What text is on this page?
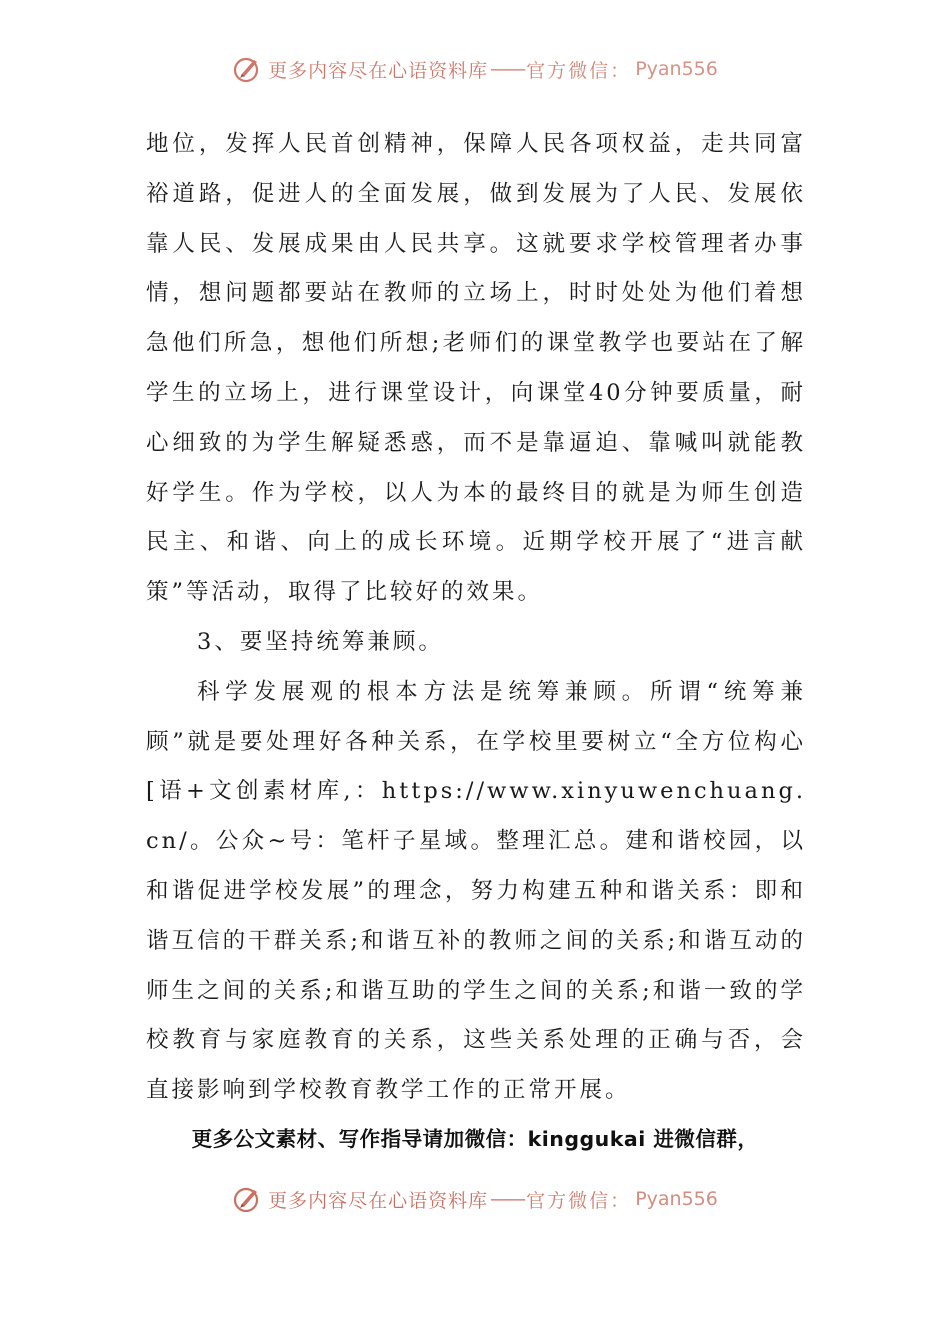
更多内容尽在心语资料库 —— 官方微信： Pyan556

地位，发挥人民首创精神，保障人民各项权益，走共同富裕道路，促进人的全面发展，做到发展为了人民、发展依靠人民、发展成果由人民共享。这就要求学校管理者办事情，想问题都要站在教师的立场上，时时处处为他们着想急他们所急，想他们所想;老师们的课堂教学也要站在了解学生的立场上，进行课堂设计，向课堂40分钟要质量，耐心细致的为学生解疑悉惑，而不是靠逼迫、靠喊叫就能教好学生。作为学校，以人为本的最终目的就是为师生创造民主、和谐、向上的成长环境。近期学校开展了“进言献策”等活动，取得了比较好的效果。

3、要坚持统筹兼顾。

科学发展观的根本方法是统筹兼顾。所谓“统筹兼顾”就是要处理好各种关系，在学校里要树立“全方位构心[语+文创素材库,：https://www.xinyuwenchuang.cn/。公众~号：笔杆子星域。整理汇总。建和谐校园，以和谐促进学校发展”的理念，努力构建五种和谐关系：即和谐互信的干群关系;和谐互补的教师之间的关系;和谐互动的师生之间的关系;和谐互助的学生之间的关系;和谐一致的学校教育与家庭教育的关系，这些关系处理的正确与否，会直接影响到学校教育教学工作的正常开展。

更多公文素材、写作指导请加微信：kinggukai 进微信群，
更多内容尽在心语资料库 —— 官方微信： Pyan556
